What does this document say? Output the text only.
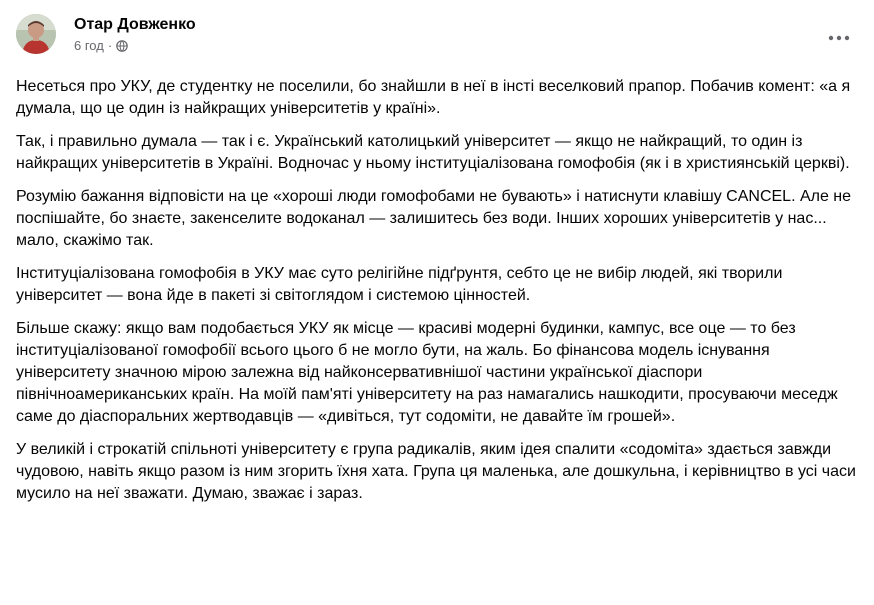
Отар Довженко
6 год ·

Несеться про УКУ, де студентку не поселили, бо знайшли в неї в інсті веселковий прапор. Побачив комент: «а я думала, що це один із найкращих університетів у країні».

Так, і правильно думала — так і є. Український католицький університет — якщо не найкращий, то один із найкращих університетів в Україні. Водночас у ньому інституціалізована гомофобія (як і в християнській церкві).

Розумію бажання відповісти на це «хороші люди гомофобами не бувають» і натиснути клавішу CANCEL. Але не поспішайте, бо знаєте, закенселите водоканал — залишитесь без води. Інших хороших університетів у нас... мало, скажімо так.

Інституціалізована гомофобія в УКУ має суто релігійне підґрунтя, себто це не вибір людей, які творили університет — вона йде в пакеті зі світоглядом і системою цінностей.

Більше скажу: якщо вам подобається УКУ як місце — красиві модерні будинки, кампус, все оце — то без інституціалізованої гомофобії всього цього б не могло бути, на жаль. Бо фінансова модель існування університету значною мірою залежна від найконсервативнішої частини української діаспори північноамериканських країн. На моїй пам'яті університету на раз намагались нашкодити, просуваючи меседж саме до діаспоральних жертводавців — «дивіться, тут содоміти, не давайте їм грошей».

У великій і строкатій спільноті університету є група радикалів, яким ідея спалити «содоміта» здається завжди чудовою, навіть якщо разом із ним згорить їхня хата. Група ця маленька, але дошкульна, і керівництво в усі часи мусило на неї зважати. Думаю, зважає і зараз.
